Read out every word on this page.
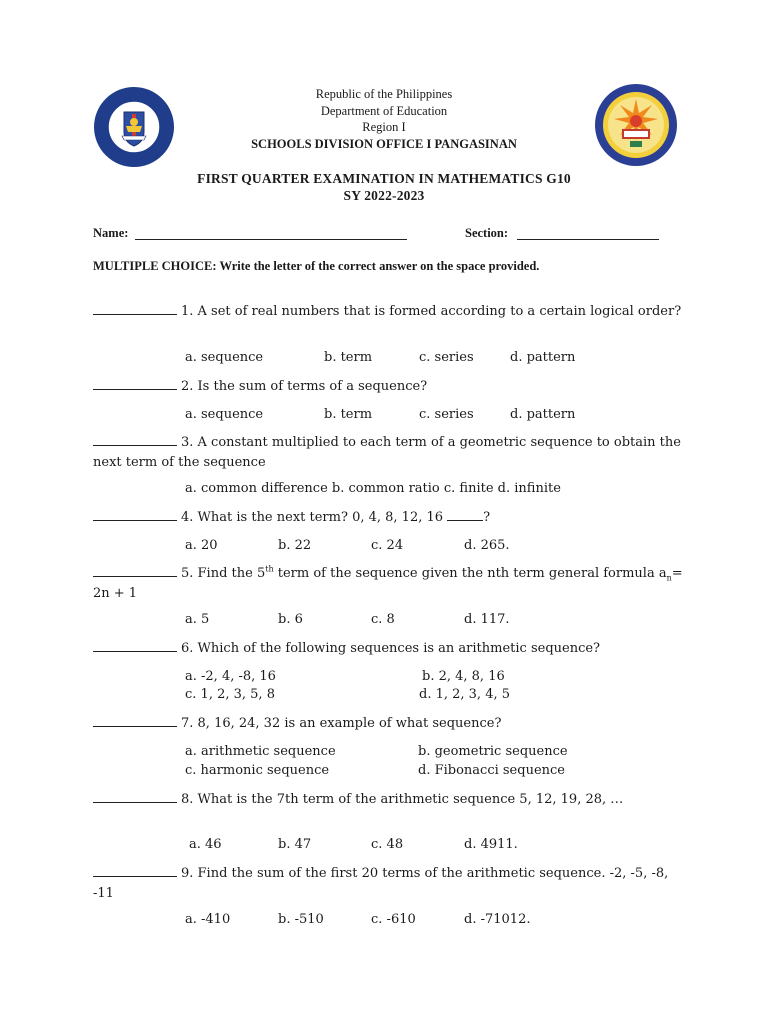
Republic of the Philippines
Department of Education
Region I
SCHOOLS DIVISION OFFICE I PANGASINAN
FIRST QUARTER EXAMINATION IN MATHEMATICS G10
SY 2022-2023
Name:	Section:
MULTIPLE CHOICE: Write the letter of the correct answer on the space provided.
1. A set of real numbers that is formed according to a certain logical order?
a. sequence	b. term	c. series	d. pattern
2. Is the sum of terms of a sequence?
a. sequence	b. term	c. series	d. pattern
3. A constant multiplied to each term of a geometric sequence to obtain the next term of the sequence
a. common difference b. common ratio c. finite d. infinite
4. What is the next term? 0, 4, 8, 12, 16	?
a. 20	b. 22	c. 24	d. 265.
5. Find the 5th term of the sequence given the nth term general formula $a_n= 2n + 1$
a. 5	b. 6	c. 8	d. 117.
6. Which of the following sequences is an arithmetic sequence?
a. -2, 4, -8, 16	b. 2, 4, 8, 16
c. 1, 2, 3, 5, 8	d. 1, 2, 3, 4, 5
7. 8, 16, 24, 32 is an example of what sequence?
a. arithmetic sequence	b. geometric sequence
c. harmonic sequence	d. Fibonacci sequence
8. What is the 7th term of the arithmetic sequence 5, 12, 19, 28, …
a. 46	b. 47	c. 48	d. 4911.
9. Find the sum of the first 20 terms of the arithmetic sequence. -2, -5, -8, -11
a. -410	b. -510	c. -610	d. -71012.
